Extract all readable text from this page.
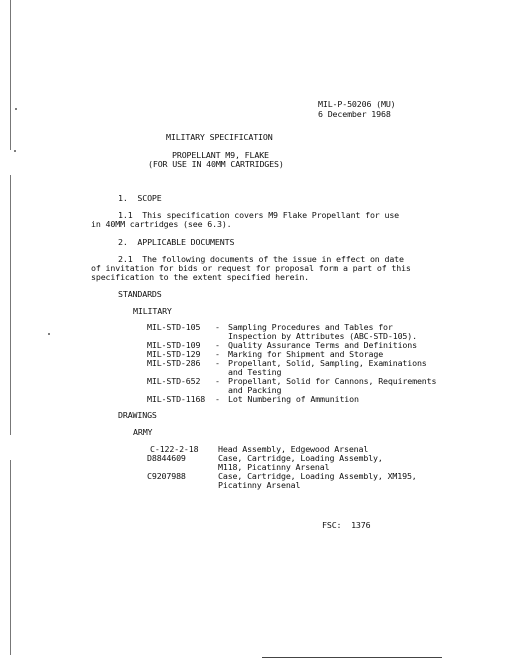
MIL-P-50206 (MU)
6 December 1968
MILITARY SPECIFICATION
PROPELLANT M9, FLAKE
(FOR USE IN 40MM CARTRIDGES)
1.  SCOPE
1.1  This specification covers M9 Flake Propellant for use
in 40MM cartridges (see 6.3).
2.  APPLICABLE DOCUMENTS
2.1  The following documents of the issue in effect on date
of invitation for bids or request for proposal form a part of this
specification to the extent specified herein.
STANDARDS
MILITARY
MIL-STD-105 - Sampling Procedures and Tables for
Inspection by Attributes (ABC-STD-105).
MIL-STD-109 - Quality Assurance Terms and Definitions
MIL-STD-129 - Marking for Shipment and Storage
MIL-STD-286 - Propellant, Solid, Sampling, Examinations
and Testing
MIL-STD-652 - Propellant, Solid for Cannons, Requirements
and Packing
MIL-STD-1168 - Lot Numbering of Ammunition
DRAWINGS
ARMY
C-122-2-18 Head Assembly, Edgewood Arsenal
D8844609	Case, Cartridge, Loading Assembly,
M118, Picatinny Arsenal
C9207988	Case, Cartridge, Loading Assembly, XM195,
Picatinny Arsenal
FSC:  1376
